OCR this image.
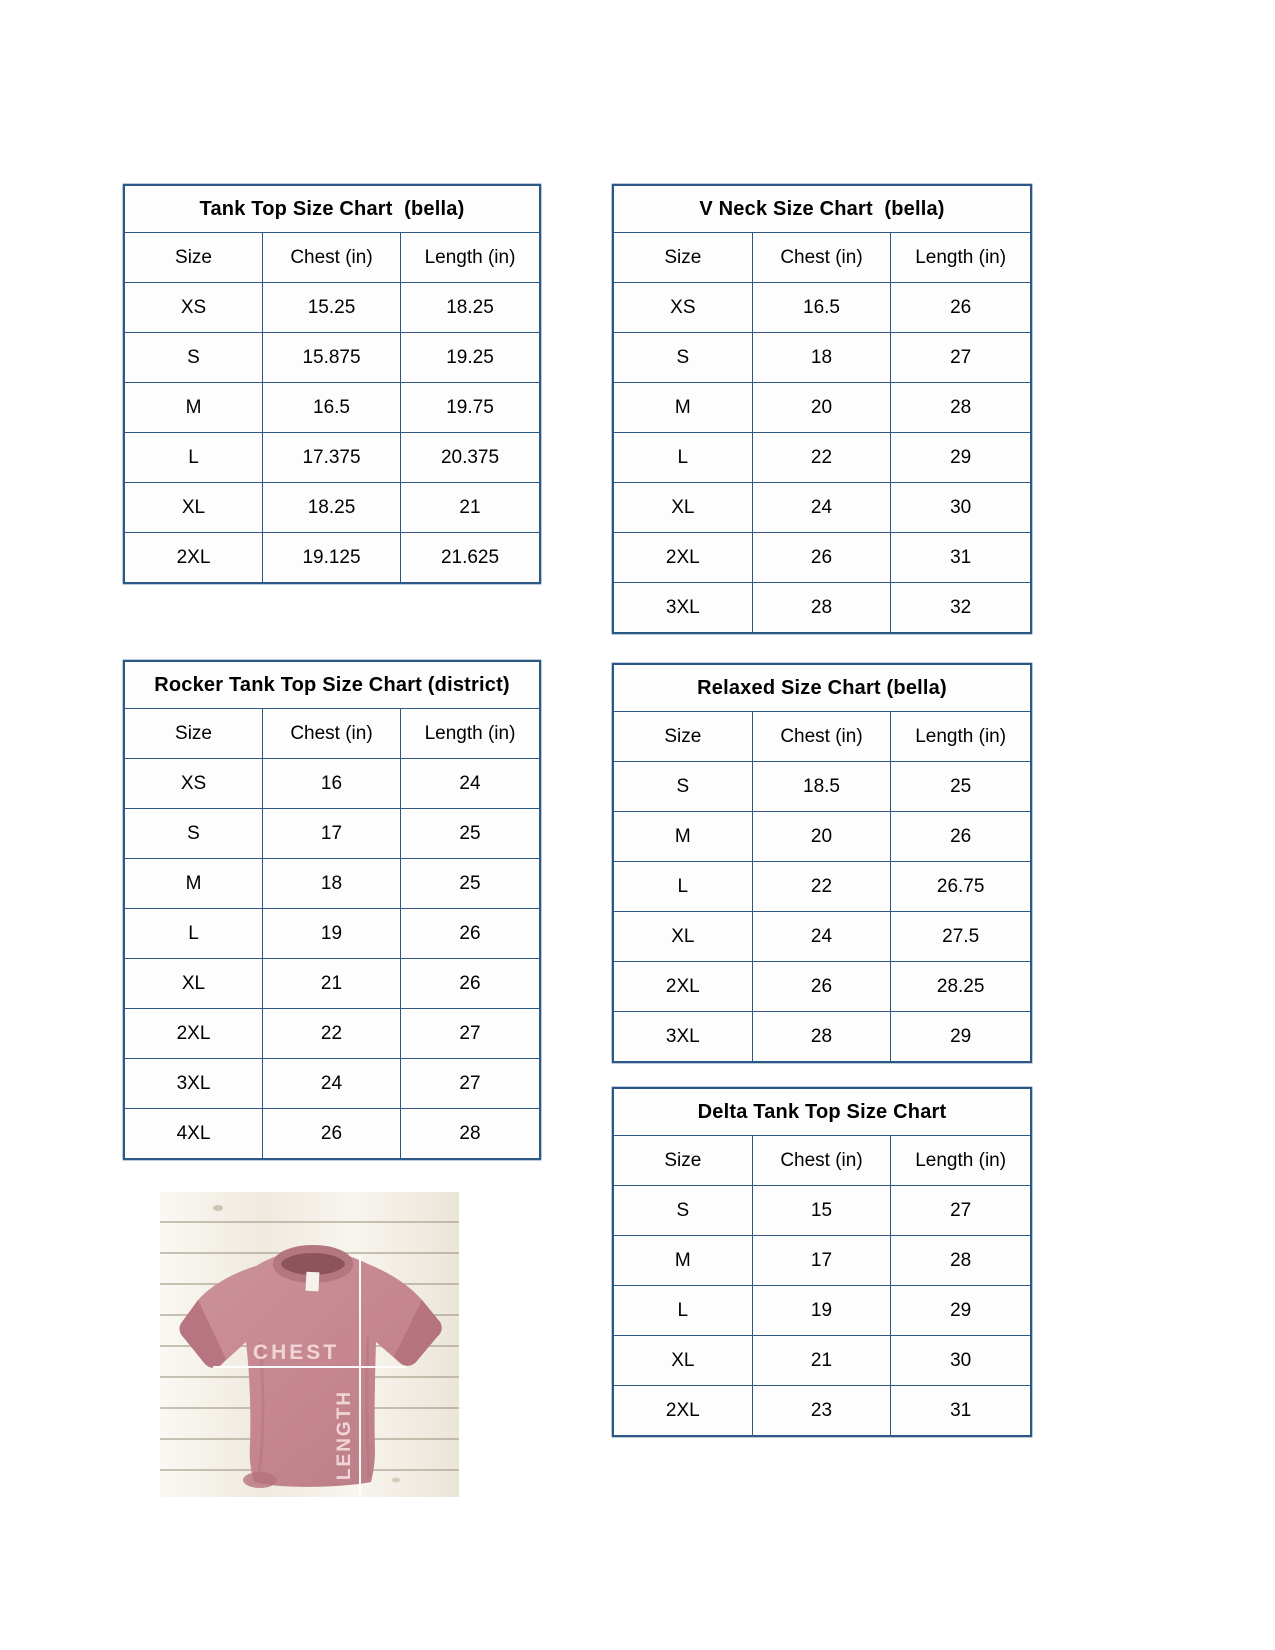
Tank Top Size Chart  (bella)
Size	Chest (in)	Length (in)
XS	15.25	18.25
S	15.875	19.25
M	16.5	19.75
L	17.375	20.375
XL	18.25	21
2XL	19.125	21.625
V Neck Size Chart  (bella)
Size	Chest (in)	Length (in)
XS	16.5	26
S	18	27
M	20	28
L	22	29
XL	24	30
2XL	26	31
3XL	28	32
Rocker Tank Top Size Chart (district)
Size	Chest (in)	Length (in)
XS	16	24
S	17	25
M	18	25
L	19	26
XL	21	26
2XL	22	27
3XL	24	27
4XL	26	28
Relaxed Size Chart (bella)
Size	Chest (in)	Length (in)
S	18.5	25
M	20	26
L	22	26.75
XL	24	27.5
2XL	26	28.25
3XL	28	29
Delta Tank Top Size Chart
Size	Chest (in)	Length (in)
S	15	27
M	17	28
L	19	29
XL	21	30
2XL	23	31
CHEST
LENGTH
